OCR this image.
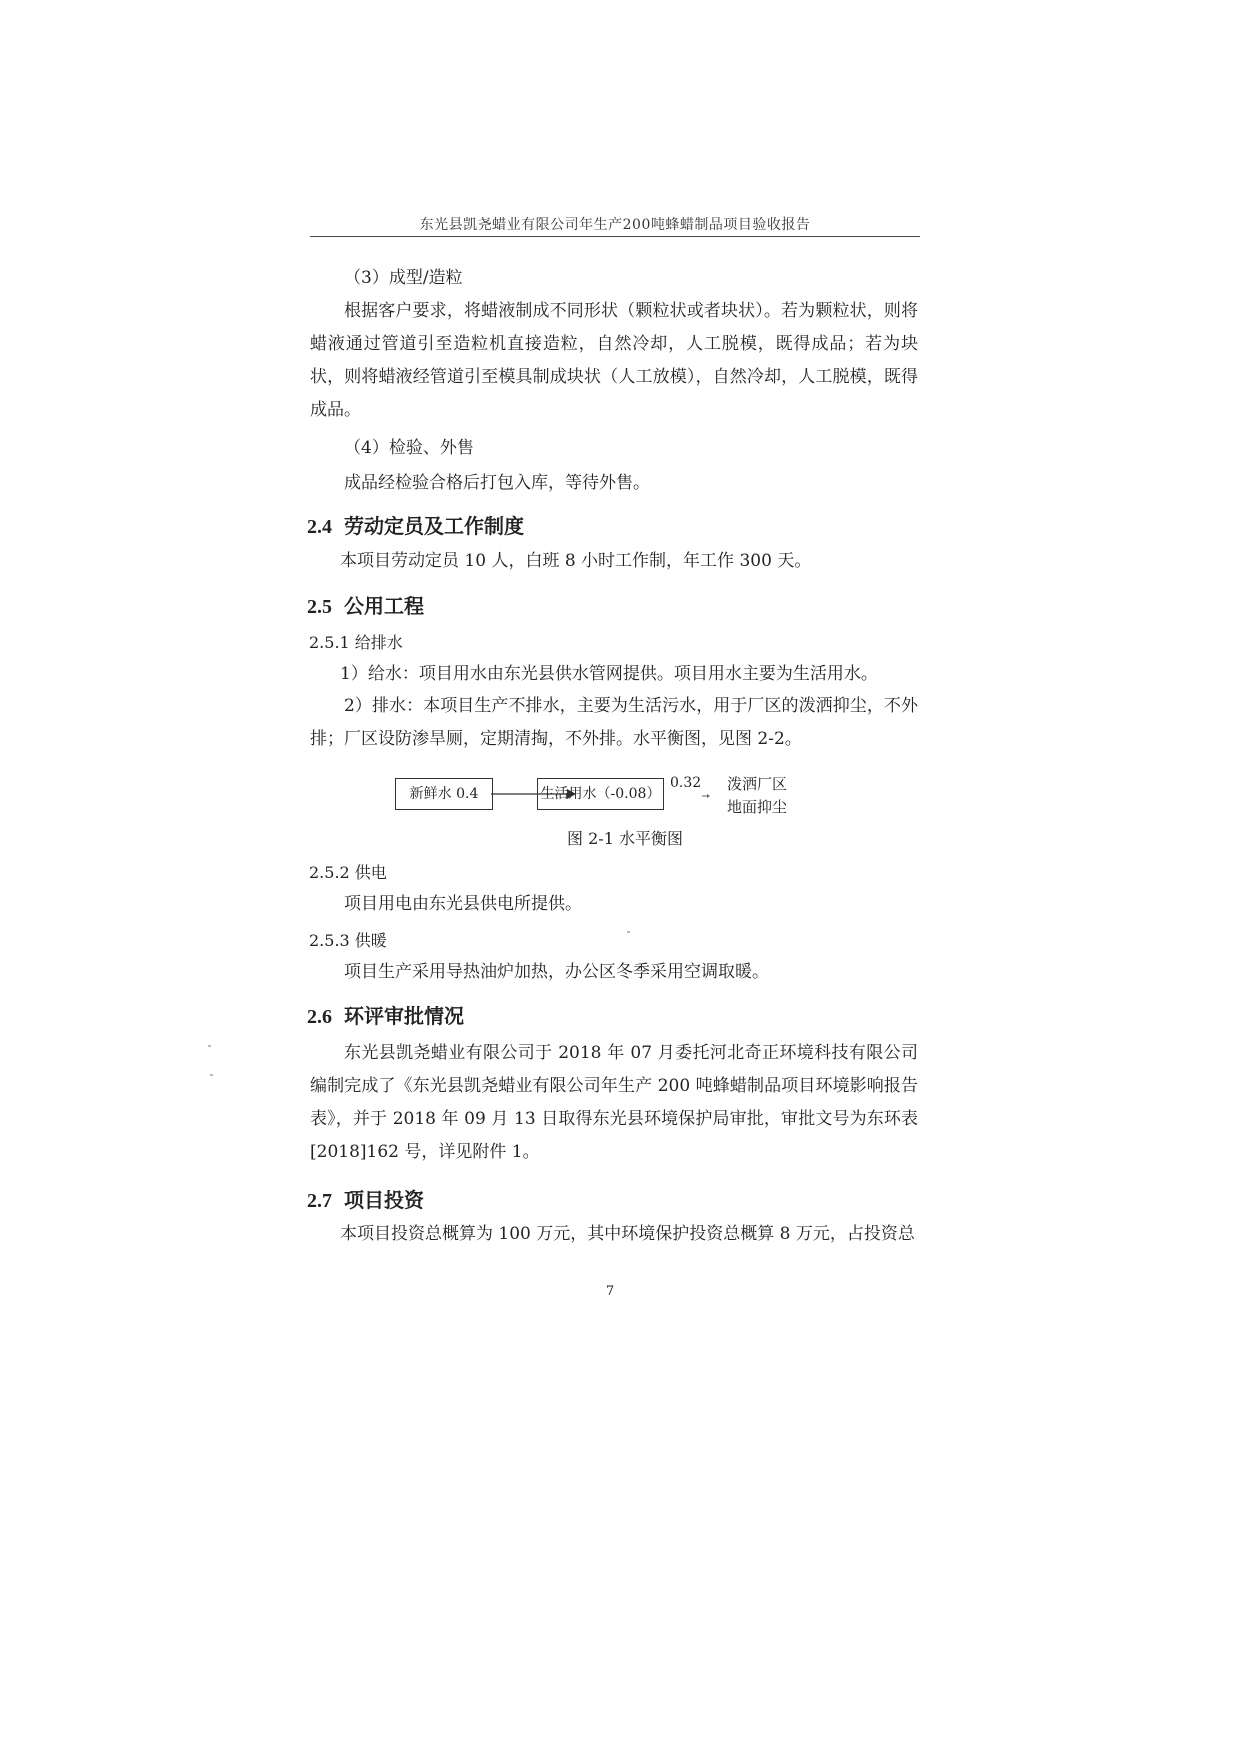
东光县凯尧蜡业有限公司年生产200吨蜂蜡制品项目验收报告
（3）成型/造粒
根据客户要求，将蜡液制成不同形状（颗粒状或者块状）。若为颗粒状，则将蜡液通过管道引至造粒机直接造粒，自然冷却，人工脱模，既得成品；若为块状，则将蜡液经管道引至模具制成块状（人工放模），自然冷却，人工脱模，既得成品。
（4）检验、外售
成品经检验合格后打包入库，等待外售。
2.4 劳动定员及工作制度
本项目劳动定员 10 人，白班 8 小时工作制，年工作 300 天。
2.5 公用工程
2.5.1 给排水
1）给水：项目用水由东光县供水管网提供。项目用水主要为生活用水。
2）排水：本项目生产不排水，主要为生活污水，用于厂区的泼洒抑尘，不外排；厂区设防渗旱厕，定期清掏，不外排。水平衡图，见图 2-2。
新鲜水 0.4	生活用水（-0.08）
0.32 泼洒厂区
地面抑尘
图 2-1 水平衡图
2.5.2 供电
项目用电由东光县供电所提供。
2.5.3 供暖
项目生产采用导热油炉加热，办公区冬季采用空调取暖。
2.6 环评审批情况
东光县凯尧蜡业有限公司于 2018 年 07 月委托河北奇正环境科技有限公司编制完成了《东光县凯尧蜡业有限公司年生产 200 吨蜂蜡制品项目环境影响报告表》，并于 2018 年 09 月 13 日取得东光县环境保护局审批，审批文号为东环表[2018]162 号，详见附件 1。
2.7 项目投资
本项目投资总概算为 100 万元，其中环境保护投资总概算 8 万元，占投资总
7
